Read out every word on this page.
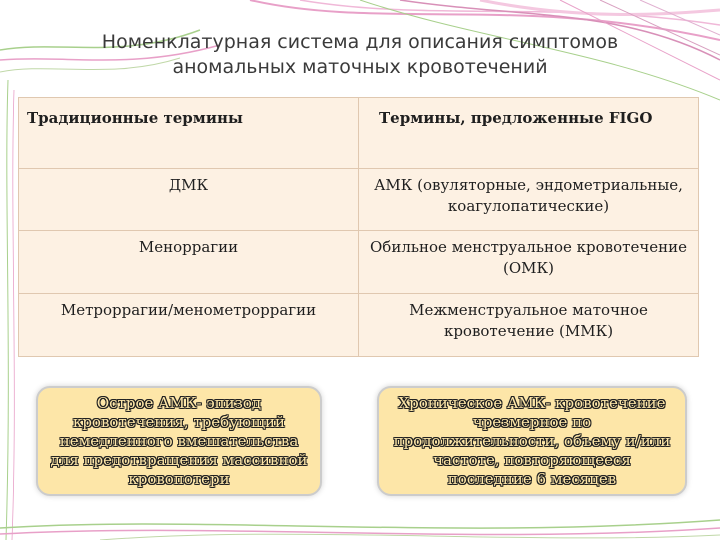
Номенклатурная система для описания симптомов
аномальных маточных кровотечений
Традиционные термины	Термины, предложенные FIGO
ДМК	АМК (овуляторные, эндометриальные, коагулопатические)
Меноррагии	Обильное менструальное кровотечение (ОМК)
Метроррагии/менометроррагии	Межменструальное маточное кровотечение (ММК)
Острое АМК- эпизод кровотечения, требующий немедленного вмешательства для предотвращения массивной кровопотери
Хроническое АМК- кровотечение чрезмерное по продолжительности, объему и/или частоте, повторяющееся последние 6 месяцев
